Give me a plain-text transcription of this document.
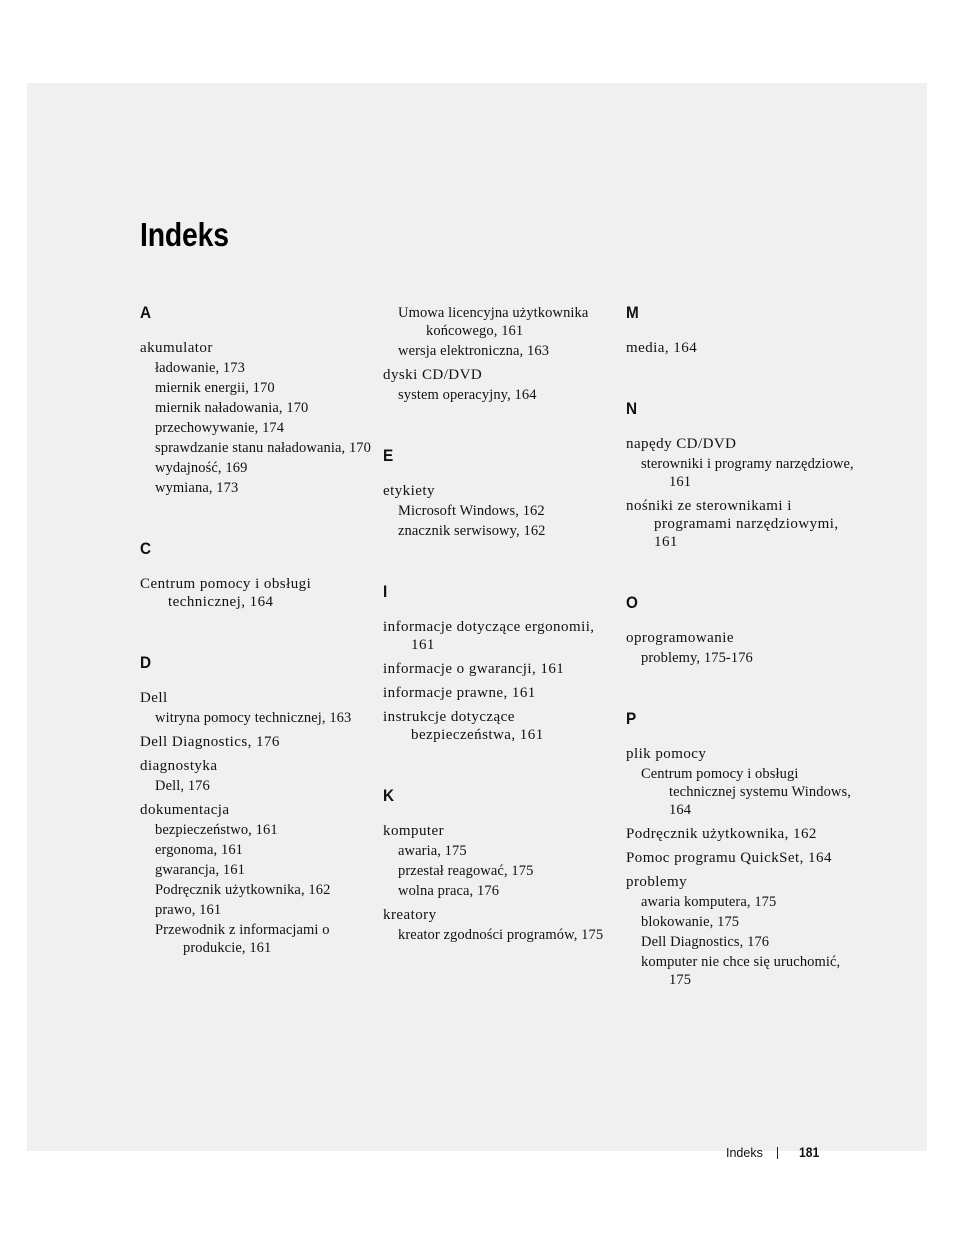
Indeks
A
akumulator
ładowanie, 173
miernik energii, 170
miernik naładowania, 170
przechowywanie, 174
sprawdzanie stanu naładowania, 170
wydajność, 169
wymiana, 173
C
Centrum pomocy i obsługi technicznej, 164
D
Dell
witryna pomocy technicznej, 163
Dell Diagnostics, 176
diagnostyka
Dell, 176
dokumentacja
bezpieczeństwo, 161
ergonoma, 161
gwarancja, 161
Podręcznik użytkownika, 162
prawo, 161
Przewodnik z informacjami o produkcie, 161
Umowa licencyjna użytkownika końcowego, 161
wersja elektroniczna, 163
dyski CD/DVD
system operacyjny, 164
E
etykiety
Microsoft Windows, 162
znacznik serwisowy, 162
I
informacje dotyczące ergonomii, 161
informacje o gwarancji, 161
informacje prawne, 161
instrukcje dotyczące bezpieczeństwa, 161
K
komputer
awaria, 175
przestał reagować, 175
wolna praca, 176
kreatory
kreator zgodności programów, 175
M
media, 164
N
napędy CD/DVD
sterowniki i programy narzędziowe, 161
nośniki ze sterownikami i programami narzędziowymi, 161
O
oprogramowanie
problemy, 175-176
P
plik pomocy
Centrum pomocy i obsługi technicznej systemu Windows, 164
Podręcznik użytkownika, 162
Pomoc programu QuickSet, 164
problemy
awaria komputera, 175
blokowanie, 175
Dell Diagnostics, 176
komputer nie chce się uruchomić, 175
Indeks	181
